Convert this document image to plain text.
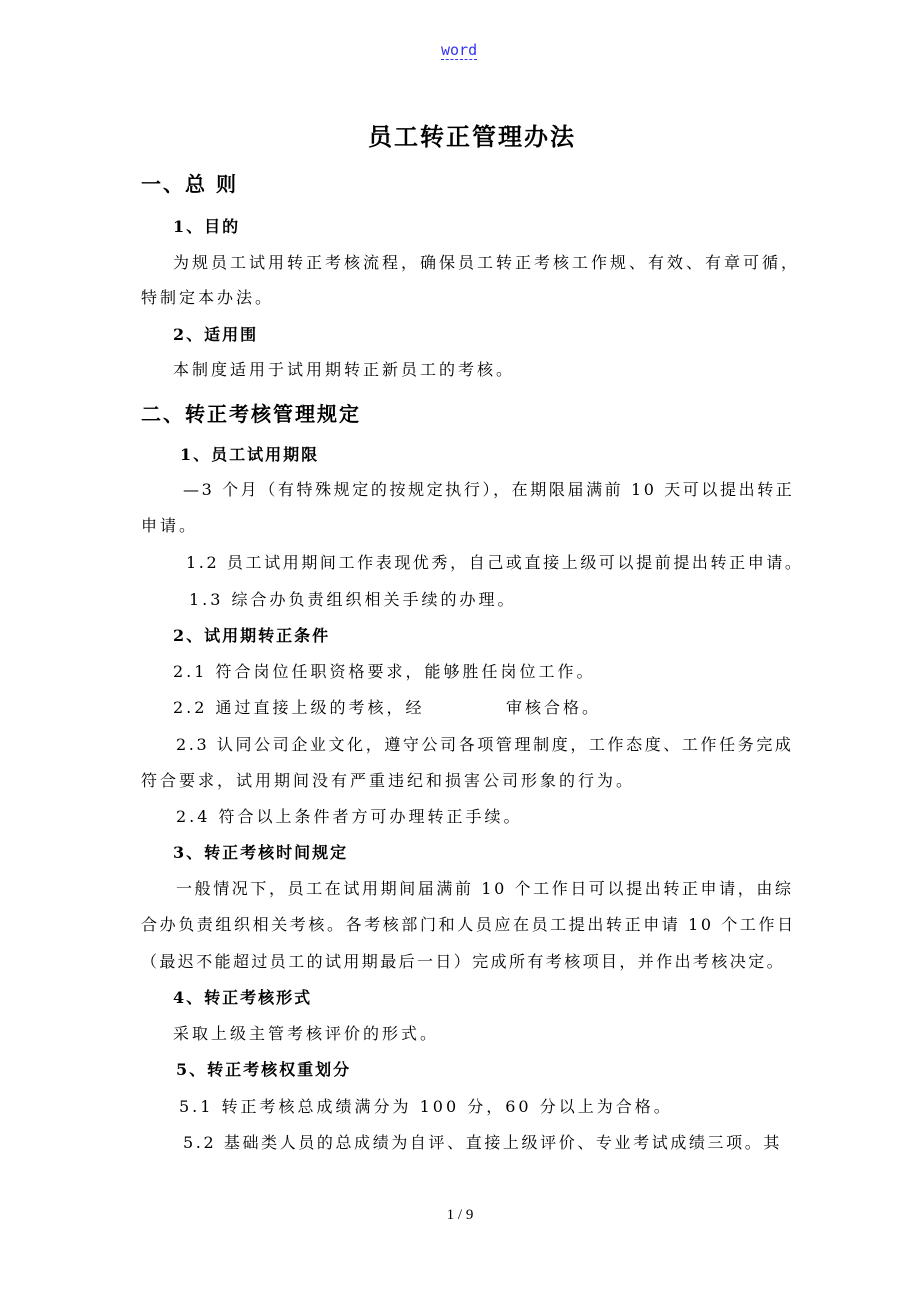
word
员工转正管理办法
一、总 则
1、目的
为规员工试用转正考核流程，确保员工转正考核工作规、有效、有章可循，
特制定本办法。
2、适用围
本制度适用于试用期转正新员工的考核。
二、转正考核管理规定
1、员工试用期限
—3 个月（有特殊规定的按规定执行），在期限届满前 10 天可以提出转正
申请。
1.2 员工试用期间工作表现优秀，自己或直接上级可以提前提出转正申请。
1.3 综合办负责组织相关手续的办理。
2、试用期转正条件
2.1 符合岗位任职资格要求，能够胜任岗位工作。
2.2 通过直接上级的考核，经	审核合格。
2.3 认同公司企业文化，遵守公司各项管理制度，工作态度、工作任务完成
符合要求，试用期间没有严重违纪和损害公司形象的行为。
2.4 符合以上条件者方可办理转正手续。
3、转正考核时间规定
一般情况下，员工在试用期间届满前 10 个工作日可以提出转正申请，由综
合办负责组织相关考核。各考核部门和人员应在员工提出转正申请 10 个工作日
（最迟不能超过员工的试用期最后一日）完成所有考核项目，并作出考核决定。
4、转正考核形式
采取上级主管考核评价的形式。
5、转正考核权重划分
5.1 转正考核总成绩满分为 100 分，60 分以上为合格。
5.2 基础类人员的总成绩为自评、直接上级评价、专业考试成绩三项。其
1 / 9
